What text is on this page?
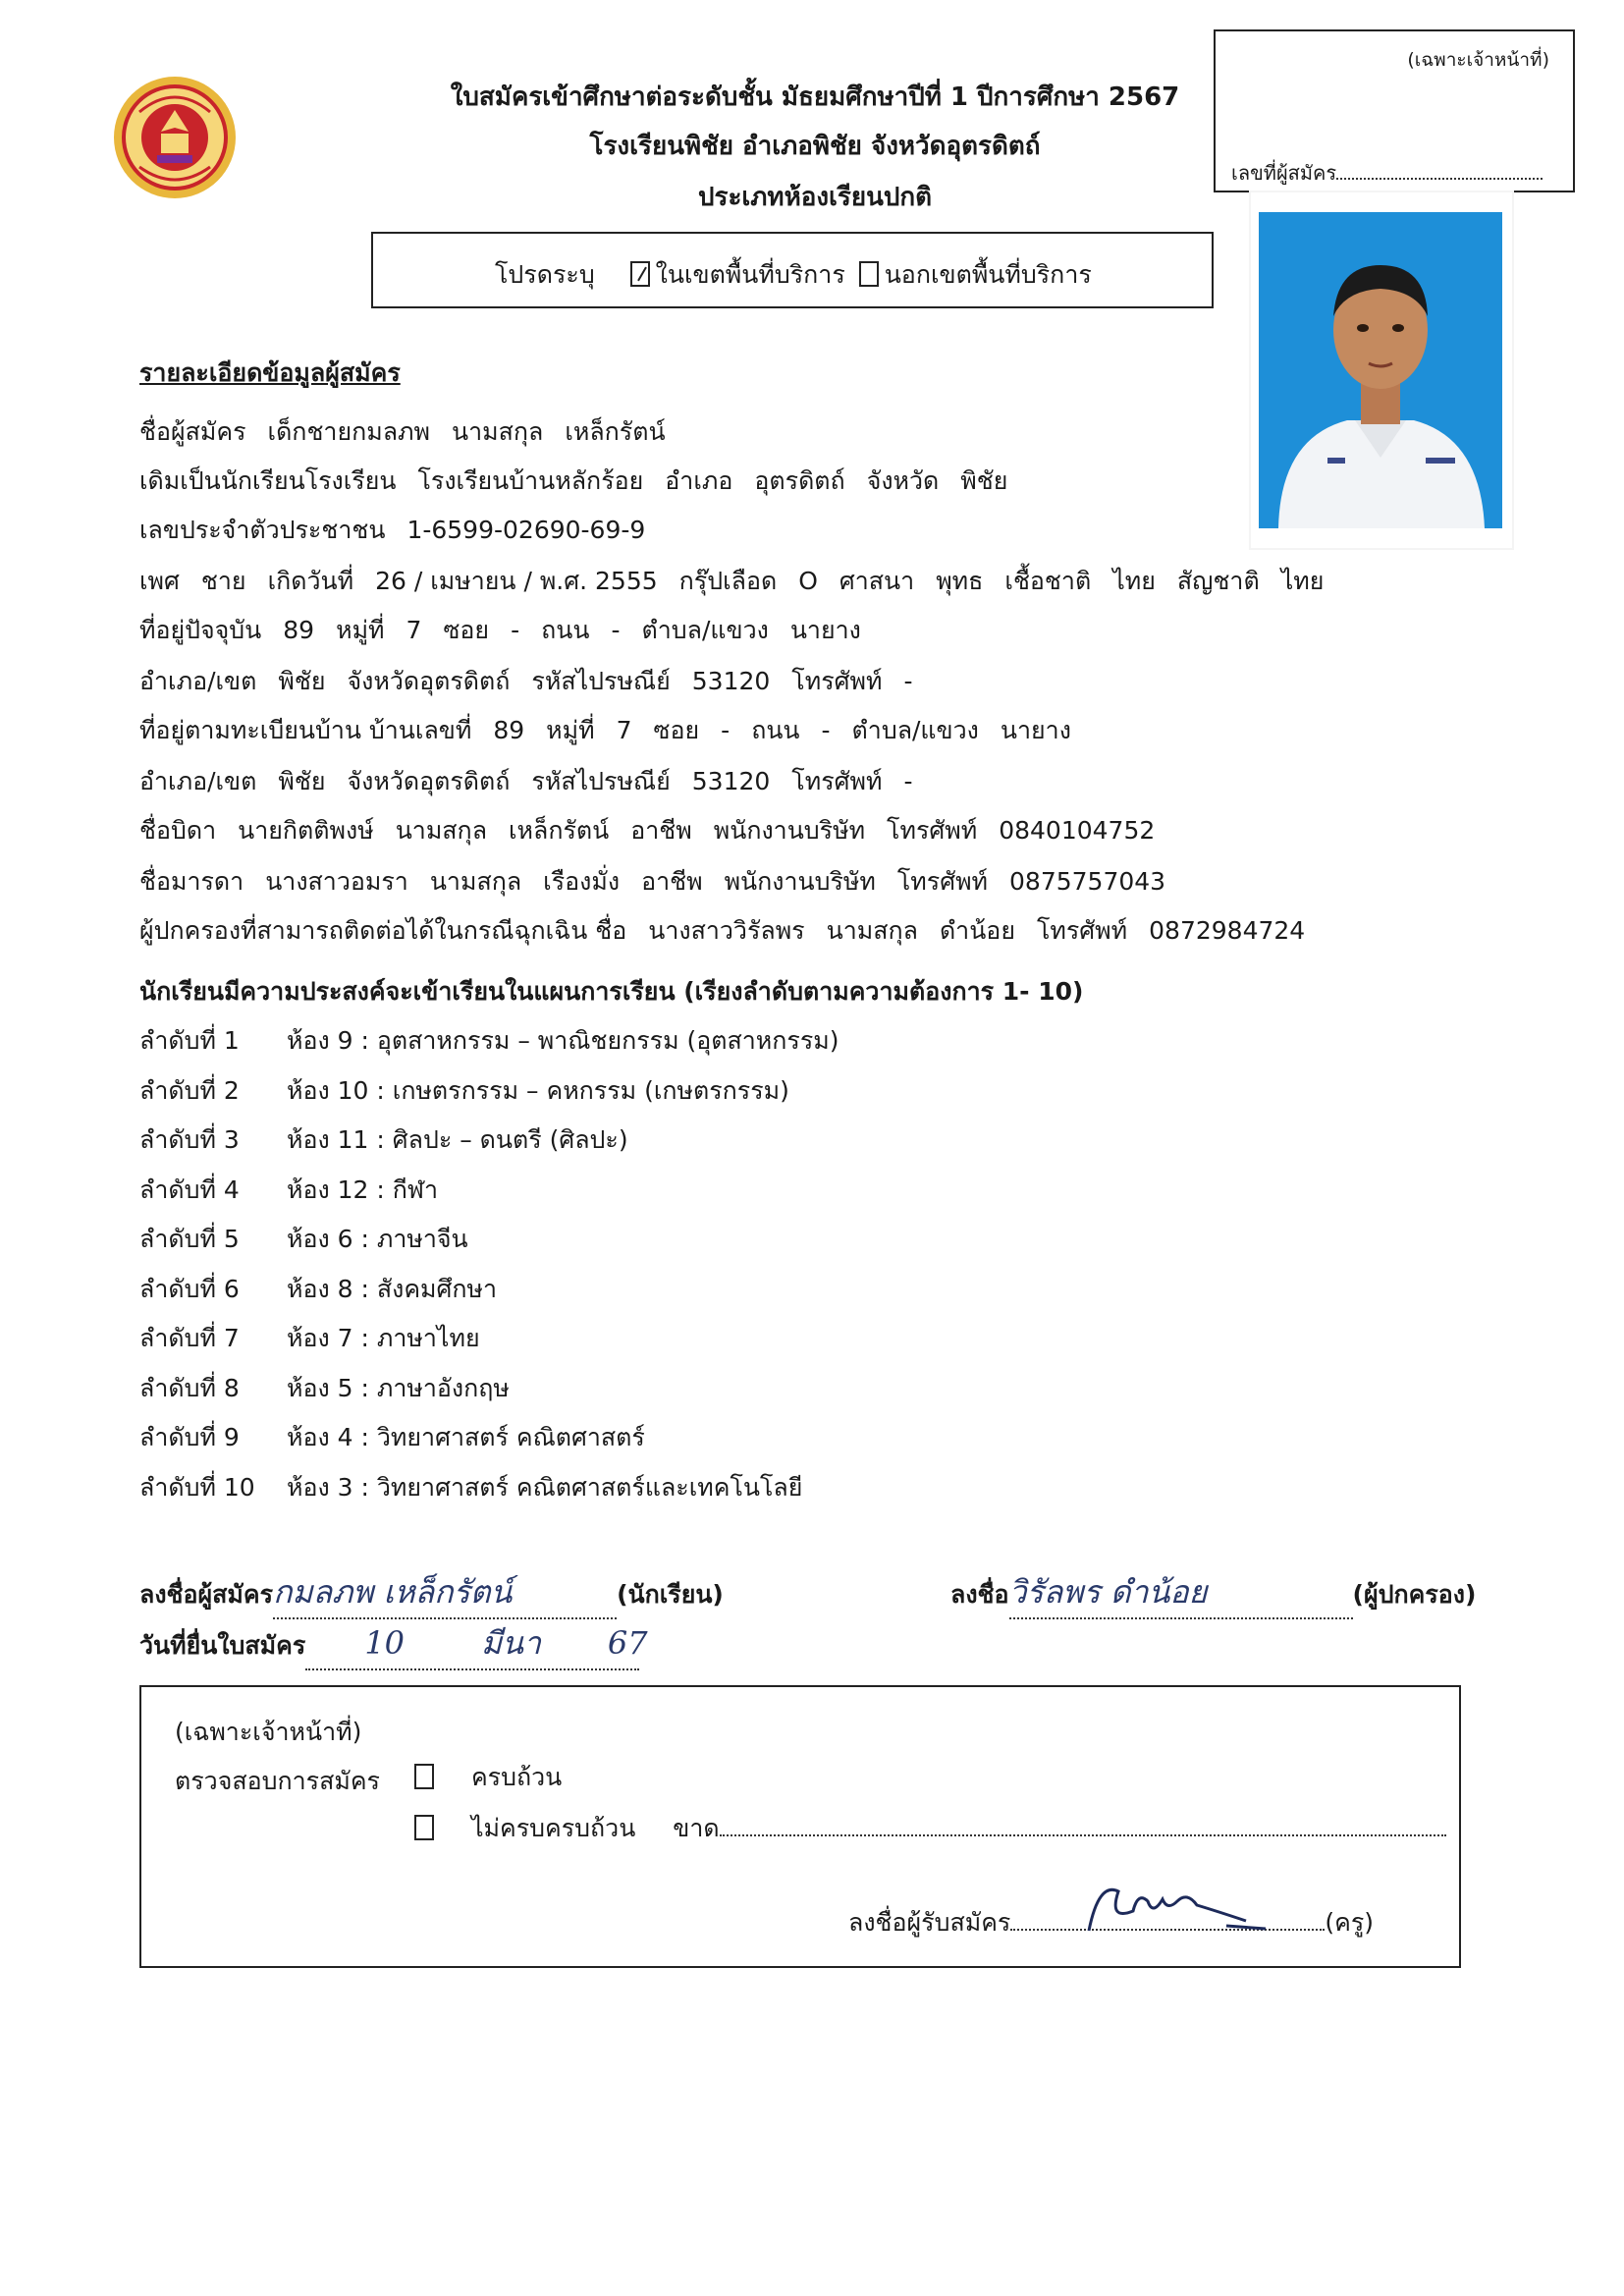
ใบสมัครเข้าศึกษาต่อระดับชั้น มัธยมศึกษาปีที่ 1 ปีการศึกษา 2567
โรงเรียนพิชัย อำเภอพิชัย จังหวัดอุตรดิตถ์
ประเภทห้องเรียนปกติ
(เฉพาะเจ้าหน้าที่)
เลขที่ผู้สมัคร
โปรดระบุ ในเขตพื้นที่บริการ นอกเขตพื้นที่บริการ
รายละเอียดข้อมูลผู้สมัคร
ชื่อผู้สมัคร เด็กชายกมลภพ นามสกุล เหล็กรัตน์
เดิมเป็นนักเรียนโรงเรียน โรงเรียนบ้านหลักร้อย อำเภอ อุตรดิตถ์ จังหวัด พิชัย
เลขประจำตัวประชาชน 1-6599-02690-69-9
เพศ ชาย เกิดวันที่ 26 / เมษายน / พ.ศ. 2555 กรุ๊ปเลือด O ศาสนา พุทธ เชื้อชาติ ไทย สัญชาติ ไทย
ที่อยู่ปัจจุบัน 89 หมู่ที่ 7 ซอย - ถนน - ตำบล/แขวง นายาง
อำเภอ/เขต พิชัย จังหวัดอุตรดิตถ์ รหัสไปรษณีย์ 53120 โทรศัพท์ -
ที่อยู่ตามทะเบียนบ้าน บ้านเลขที่ 89 หมู่ที่ 7 ซอย - ถนน - ตำบล/แขวง นายาง
อำเภอ/เขต พิชัย จังหวัดอุตรดิตถ์ รหัสไปรษณีย์ 53120 โทรศัพท์ -
ชื่อบิดา นายกิตติพงษ์ นามสกุล เหล็กรัตน์ อาชีพ พนักงานบริษัท โทรศัพท์ 0840104752
ชื่อมารดา นางสาวอมรา นามสกุล เรืองมั่ง อาชีพ พนักงานบริษัท โทรศัพท์ 0875757043
ผู้ปกครองที่สามารถติดต่อได้ในกรณีฉุกเฉิน ชื่อ นางสาววิรัลพร นามสกุล ดำน้อย โทรศัพท์ 0872984724
นักเรียนมีความประสงค์จะเข้าเรียนในแผนการเรียน (เรียงลำดับตามความต้องการ 1- 10)
ลำดับที่ 1 ห้อง 9 : อุตสาหกรรม – พาณิชยกรรม (อุตสาหกรรม)
ลำดับที่ 2 ห้อง 10 : เกษตรกรรม – คหกรรม (เกษตรกรรม)
ลำดับที่ 3 ห้อง 11 : ศิลปะ – ดนตรี (ศิลปะ)
ลำดับที่ 4 ห้อง 12 : กีฬา
ลำดับที่ 5 ห้อง 6 : ภาษาจีน
ลำดับที่ 6 ห้อง 8 : สังคมศึกษา
ลำดับที่ 7 ห้อง 7 : ภาษาไทย
ลำดับที่ 8 ห้อง 5 : ภาษาอังกฤษ
ลำดับที่ 9 ห้อง 4 : วิทยาศาสตร์ คณิตศาสตร์
ลำดับที่ 10 ห้อง 3 : วิทยาศาสตร์ คณิตศาสตร์และเทคโนโลยี
ลงชื่อผู้สมัครกมลภพ เหล็กรัตน์	(นักเรียน)	ลงชื่อวิรัลพร ดำน้อย	(ผู้ปกครอง)
วันที่ยื่นใบสมัคร 10 มีนา 67
(เฉพาะเจ้าหน้าที่)
ตรวจสอบการสมัคร	ครบถ้วน
ไม่ครบครบถ้วน ขาด
ลงชื่อผู้รับสมัคร	(ครู)
